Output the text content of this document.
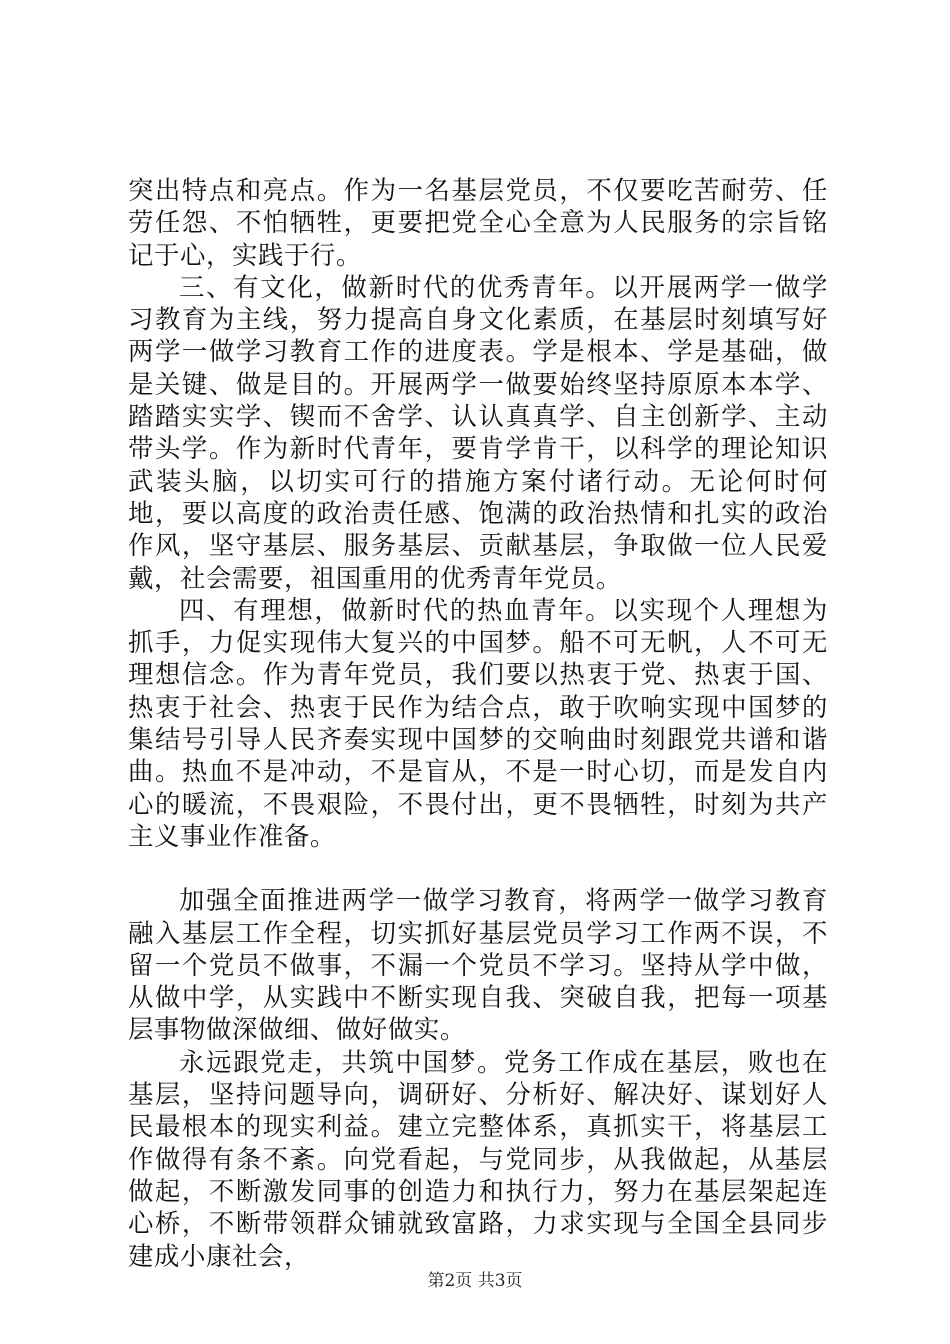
突出特点和亮点。作为一名基层党员，不仅要吃苦耐劳、任劳任怨、不怕牺牲，更要把党全心全意为人民服务的宗旨铭记于心，实践于行。

三、有文化，做新时代的优秀青年。以开展两学一做学习教育为主线，努力提高自身文化素质，在基层时刻填写好两学一做学习教育工作的进度表。学是根本、学是基础，做是关键、做是目的。开展两学一做要始终坚持原原本本学、踏踏实实学、锲而不舍学、认认真真学、自主创新学、主动带头学。作为新时代青年，要肯学肯干，以科学的理论知识武装头脑，以切实可行的措施方案付诸行动。无论何时何地，要以高度的政治责任感、饱满的政治热情和扎实的政治作风，坚守基层、服务基层、贡献基层，争取做一位人民爱戴，社会需要，祖国重用的优秀青年党员。

四、有理想，做新时代的热血青年。以实现个人理想为抓手，力促实现伟大复兴的中国梦。船不可无帆，人不可无理想信念。作为青年党员，我们要以热衷于党、热衷于国、热衷于社会、热衷于民作为结合点，敢于吹响实现中国梦的集结号引导人民齐奏实现中国梦的交响曲时刻跟党共谱和谐曲。热血不是冲动，不是盲从，不是一时心切，而是发自内心的暖流，不畏艰险，不畏付出，更不畏牺牲，时刻为共产主义事业作准备。

加强全面推进两学一做学习教育，将两学一做学习教育融入基层工作全程，切实抓好基层党员学习工作两不误，不留一个党员不做事，不漏一个党员不学习。坚持从学中做，从做中学，从实践中不断实现自我、突破自我，把每一项基层事物做深做细、做好做实。

永远跟党走，共筑中国梦。党务工作成在基层，败也在基层，坚持问题导向，调研好、分析好、解决好、谋划好人民最根本的现实利益。建立完整体系，真抓实干，将基层工作做得有条不紊。向党看起，与党同步，从我做起，从基层做起，不断激发同事的创造力和执行力，努力在基层架起连心桥，不断带领群众铺就致富路，力求实现与全国全县同步建成小康社会，

第2页 共3页
